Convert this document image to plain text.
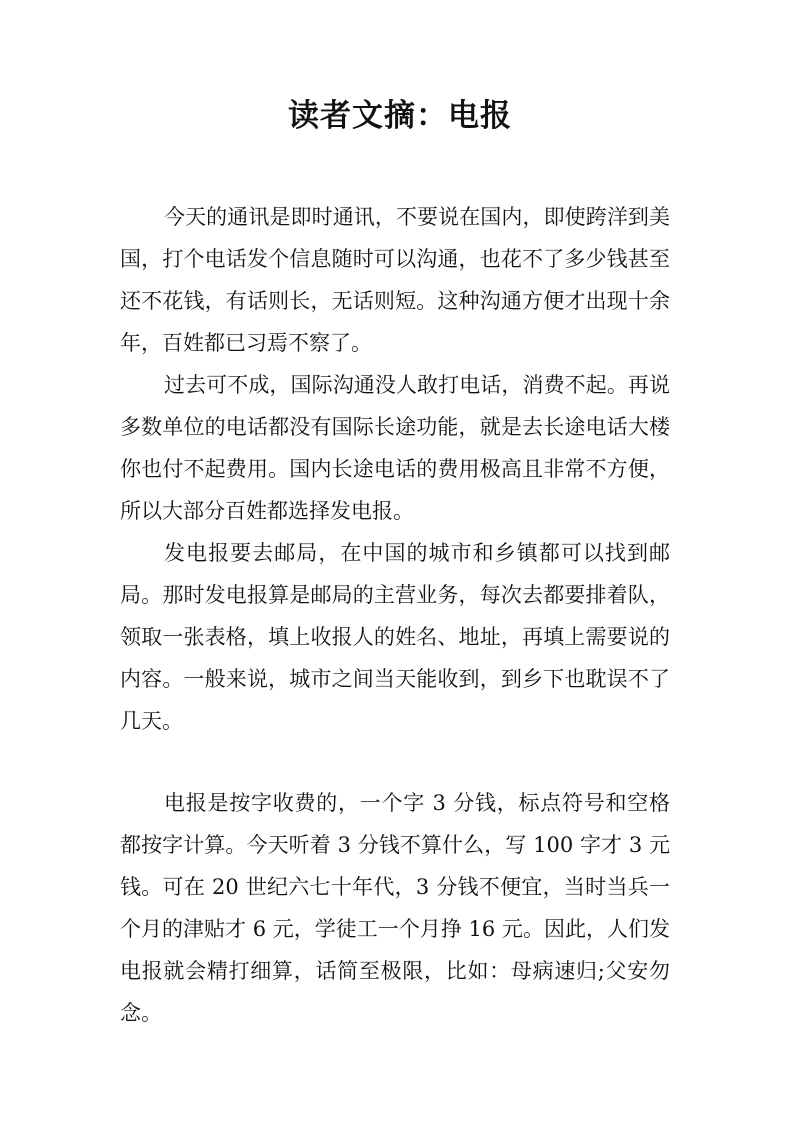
读者文摘：电报

今天的通讯是即时通讯，不要说在国内，即使跨洋到美国，打个电话发个信息随时可以沟通，也花不了多少钱甚至还不花钱，有话则长，无话则短。这种沟通方便才出现十余年，百姓都已习焉不察了。

过去可不成，国际沟通没人敢打电话，消费不起。再说多数单位的电话都没有国际长途功能，就是去长途电话大楼你也付不起费用。国内长途电话的费用极高且非常不方便，所以大部分百姓都选择发电报。

发电报要去邮局，在中国的城市和乡镇都可以找到邮局。那时发电报算是邮局的主营业务，每次去都要排着队，领取一张表格，填上收报人的姓名、地址，再填上需要说的内容。一般来说，城市之间当天能收到，到乡下也耽误不了几天。

电报是按字收费的，一个字 3 分钱，标点符号和空格都按字计算。今天听着 3 分钱不算什么，写 100 字才 3 元钱。可在 20 世纪六七十年代，3 分钱不便宜，当时当兵一个月的津贴才 6 元，学徒工一个月挣 16 元。因此，人们发电报就会精打细算，话简至极限，比如：母病速归;父安勿念。
